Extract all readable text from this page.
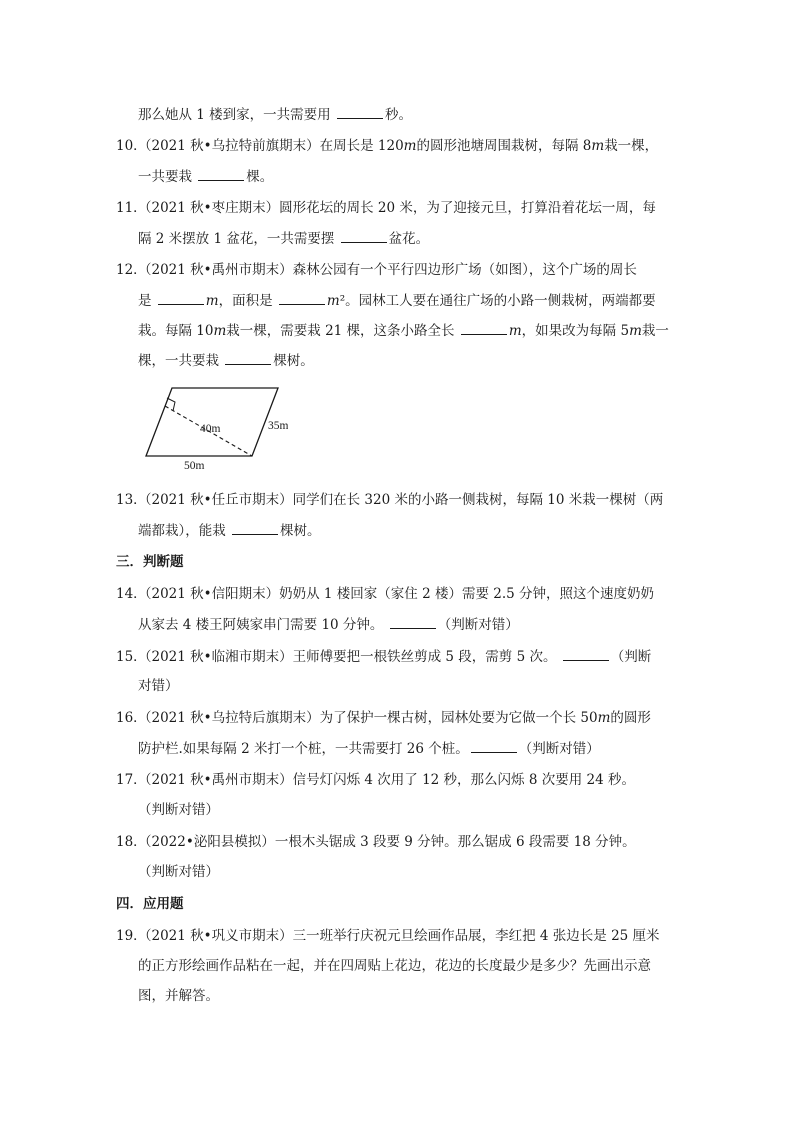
那么她从 1 楼到家，一共需要用	秒。
10．（2021 秋•乌拉特前旗期末）在周长是 120m的圆形池塘周围栽树，每隔 8m栽一棵，
一共要栽	棵。
11．（2021 秋•枣庄期末）圆形花坛的周长 20 米，为了迎接元旦，打算沿着花坛一周，每
隔 2 米摆放 1 盆花，一共需要摆	盆花。
12．（2021 秋•禹州市期末）森林公园有一个平行四边形广场（如图），这个广场的周长
是	m，面积是	m²。园林工人要在通往广场的小路一侧栽树，两端都要
栽。每隔 10m栽一棵，需要栽 21 棵，这条小路全长	m，如果改为每隔 5m栽一
棵，一共要栽	棵树。
40m	35m
50m
13．（2021 秋•任丘市期末）同学们在长 320 米的小路一侧栽树，每隔 10 米栽一棵树（两
端都栽），能栽	棵树。
三．判断题
14．（2021 秋•信阳期末）奶奶从 1 楼回家（家住 2 楼）需要 2.5 分钟，照这个速度奶奶
从家去 4 楼王阿姨家串门需要 10 分钟。	（判断对错）
15．（2021 秋•临湘市期末）王师傅要把一根铁丝剪成 5 段，需剪 5 次。	（判断
对错）
16．（2021 秋•乌拉特后旗期末）为了保护一棵古树，园林处要为它做一个长 50m的圆形
防护栏.如果每隔 2 米打一个桩，一共需要打 26 个桩。	（判断对错）
17．（2021 秋•禹州市期末）信号灯闪烁 4 次用了 12 秒，那么闪烁 8 次要用 24 秒。
（判断对错）
18．（2022•泌阳县模拟）一根木头锯成 3 段要 9 分钟。那么锯成 6 段需要 18 分钟。
（判断对错）
四．应用题
19．（2021 秋•巩义市期末）三一班举行庆祝元旦绘画作品展，李红把 4 张边长是 25 厘米
的正方形绘画作品粘在一起，并在四周贴上花边，花边的长度最少是多少？先画出示意
图，并解答。
